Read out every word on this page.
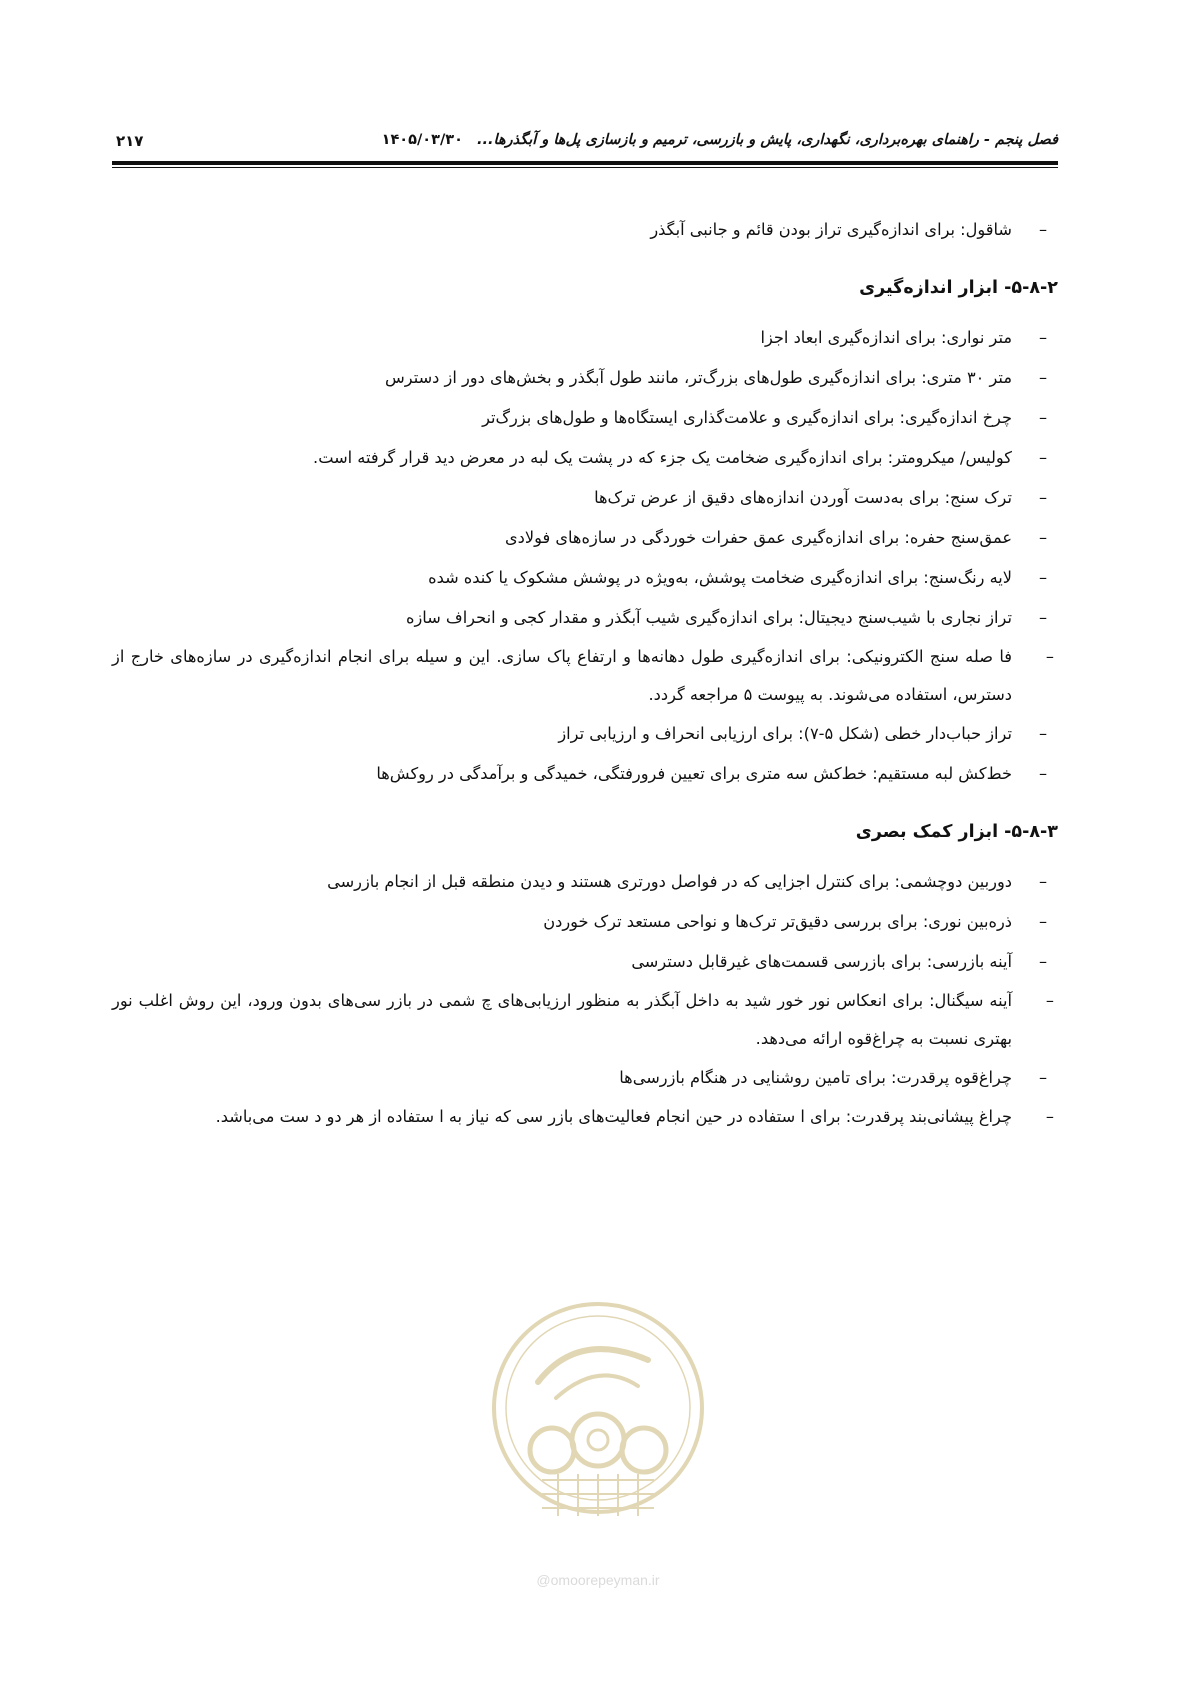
فصل پنجم - راهنمای بهره‌برداری، نگهداری، پایش و بازرسی، ترمیم و بازسازی پل‌ها و آبگذرها...۱۴۰۵/۰۳/۳۰
۲۱۷
–
شاقول: برای اندازه‌گیری تراز بودن قائم و جانبی آبگذر
۵-۸-۲- ابزار اندازه‌گیری
–
متر نواری: برای اندازه‌گیری ابعاد اجزا
–
متر ۳۰ متری: برای اندازه‌گیری طول‌های بزرگ‌تر، مانند طول آبگذر و بخش‌های دور از دسترس
–
چرخ اندازه‌گیری: برای اندازه‌گیری و علامت‌گذاری ایستگاه‌ها و طول‌های بزرگ‌تر
–
کولیس/ میکرومتر: برای اندازه‌گیری ضخامت یک جزء که در پشت یک لبه در معرض دید قرار گرفته است.
–
ترک سنج: برای به‌دست آوردن اندازه‌های دقیق از عرض ترک‌ها
–
عمق‌سنج حفره: برای اندازه‌گیری عمق حفرات خوردگی در سازه‌های فولادی
–
لایه رنگ‌سنج: برای اندازه‌گیری ضخامت پوشش، به‌ویژه در پوشش مشکوک یا کنده شده
–
تراز نجاری با شیب‌سنج دیجیتال: برای اندازه‌گیری شیب آبگذر و مقدار کجی و انحراف سازه
–
فا صله سنج الکترونیکی: برای اندازه‌گیری طول دهانه‌ها و ارتفاع پاک سازی. این و سیله برای انجام اندازه‌گیری در سازه‌های خارج از دسترس، استفاده می‌شوند. به پیوست ۵ مراجعه گردد.
–
تراز حباب‌دار خطی (شکل ۵-۷): برای ارزیابی انحراف و ارزیابی تراز
–
خط‌کش لبه مستقیم: خط‌کش سه متری برای تعیین فرورفتگی، خمیدگی و برآمدگی در روکش‌ها
۵-۸-۳- ابزار کمک بصری
–
دوربین دوچشمی: برای کنترل اجزایی که در فواصل دورتری هستند و دیدن منطقه قبل از انجام بازرسی
–
ذره‌بین نوری: برای بررسی دقیق‌تر ترک‌ها و نواحی مستعد ترک خوردن
–
آینه بازرسی: برای بازرسی قسمت‌های غیرقابل دسترسی
–
آینه سیگنال: برای انعکاس نور خور شید به داخل آبگذر به منظور ارزیابی‌های چ شمی در بازر سی‌های بدون ورود، این روش اغلب نور بهتری نسبت به چراغ‌قوه ارائه می‌دهد.
–
چراغ‌قوه پرقدرت: برای تامین روشنایی در هنگام بازرسی‌ها
–
چراغ پیشانی‌بند پرقدرت: برای ا ستفاده در حین انجام فعالیت‌های بازر سی که نیاز به ا ستفاده از هر دو د ست می‌باشد.
@omoorepeyman.ir
